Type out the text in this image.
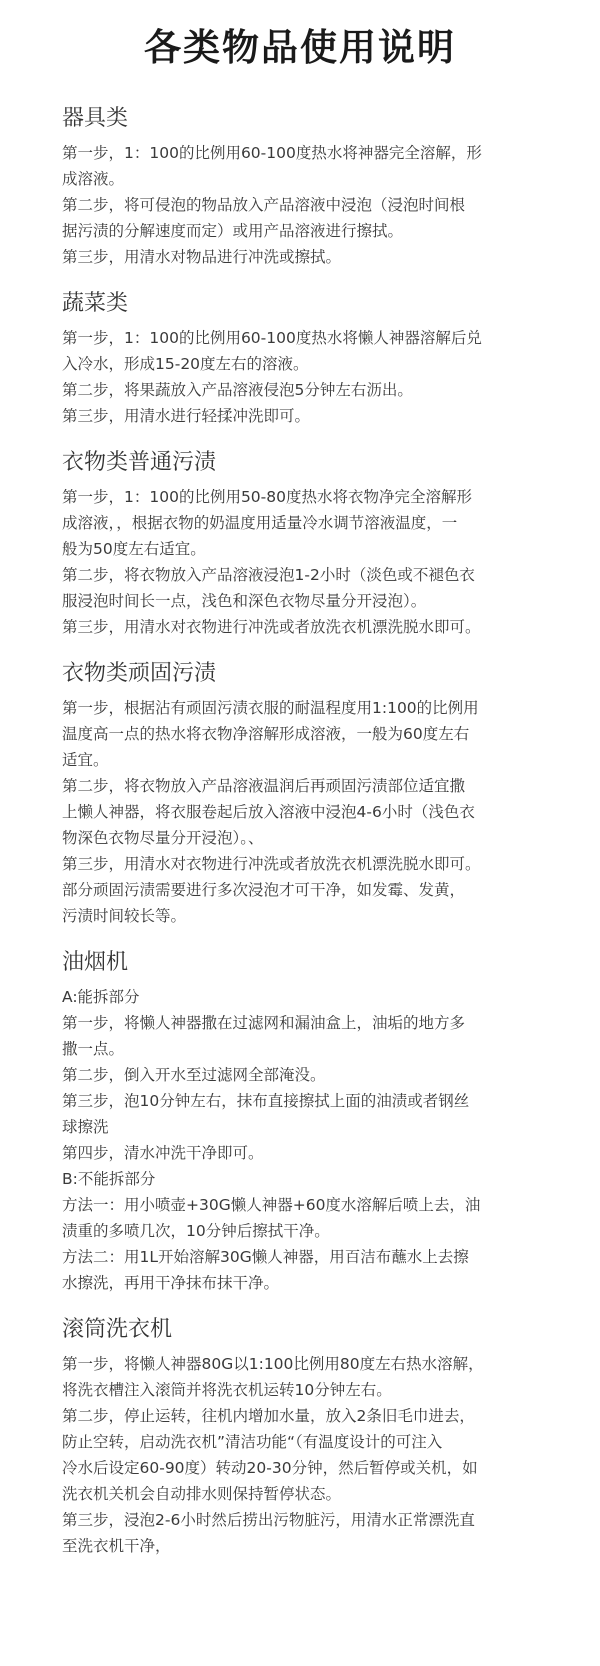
各类物品使用说明
器具类
第一步，1：100的比例用60-100度热水将神器完全溶解，形
成溶液。
第二步，将可侵泡的物品放入产品溶液中浸泡（浸泡时间根
据污渍的分解速度而定）或用产品溶液进行擦拭。
第三步，用清水对物品进行冲洗或擦拭。
蔬菜类
第一步，1：100的比例用60-100度热水将懒人神器溶解后兑
入冷水，形成15-20度左右的溶液。
第二步，将果蔬放入产品溶液侵泡5分钟左右沥出。
第三步，用清水进行轻揉冲洗即可。
衣物类普通污渍
第一步，1：100的比例用50-80度热水将衣物净完全溶解形
成溶液，，根据衣物的奶温度用适量冷水调节溶液温度，一
般为50度左右适宜。
第二步，将衣物放入产品溶液浸泡1-2小时（淡色或不褪色衣
服浸泡时间长一点，浅色和深色衣物尽量分开浸泡）。
第三步，用清水对衣物进行冲洗或者放洗衣机漂洗脱水即可。
衣物类顽固污渍
第一步，根据沾有顽固污渍衣服的耐温程度用1:100的比例用
温度高一点的热水将衣物净溶解形成溶液，一般为60度左右
适宜。
第二步，将衣物放入产品溶液温润后再顽固污渍部位适宜撒
上懒人神器，将衣服卷起后放入溶液中浸泡4-6小时（浅色衣
物深色衣物尽量分开浸泡）。、
第三步，用清水对衣物进行冲洗或者放洗衣机漂洗脱水即可。
部分顽固污渍需要进行多次浸泡才可干净，如发霉、发黄，
污渍时间较长等。
油烟机
A:能拆部分
第一步，将懒人神器撒在过滤网和漏油盒上，油垢的地方多
撒一点。
第二步，倒入开水至过滤网全部淹没。
第三步，泡10分钟左右，抹布直接擦拭上面的油渍或者钢丝
球擦洗
第四步，清水冲洗干净即可。
B:不能拆部分
方法一：用小喷壶+30G懒人神器+60度水溶解后喷上去，油
渍重的多喷几次，10分钟后擦拭干净。
方法二：用1L开始溶解30G懒人神器，用百洁布蘸水上去擦
水擦洗，再用干净抹布抹干净。
滚筒洗衣机
第一步，将懒人神器80G以1:100比例用80度左右热水溶解，
将洗衣槽注入滚筒并将洗衣机运转10分钟左右。
第二步，停止运转，往机内增加水量，放入2条旧毛巾进去，
防止空转，启动洗衣机”清洁功能“（有温度设计的可注入
冷水后设定60-90度）转动20-30分钟，然后暂停或关机，如
洗衣机关机会自动排水则保持暂停状态。
第三步，浸泡2-6小时然后捞出污物脏污，用清水正常漂洗直
至洗衣机干净，
